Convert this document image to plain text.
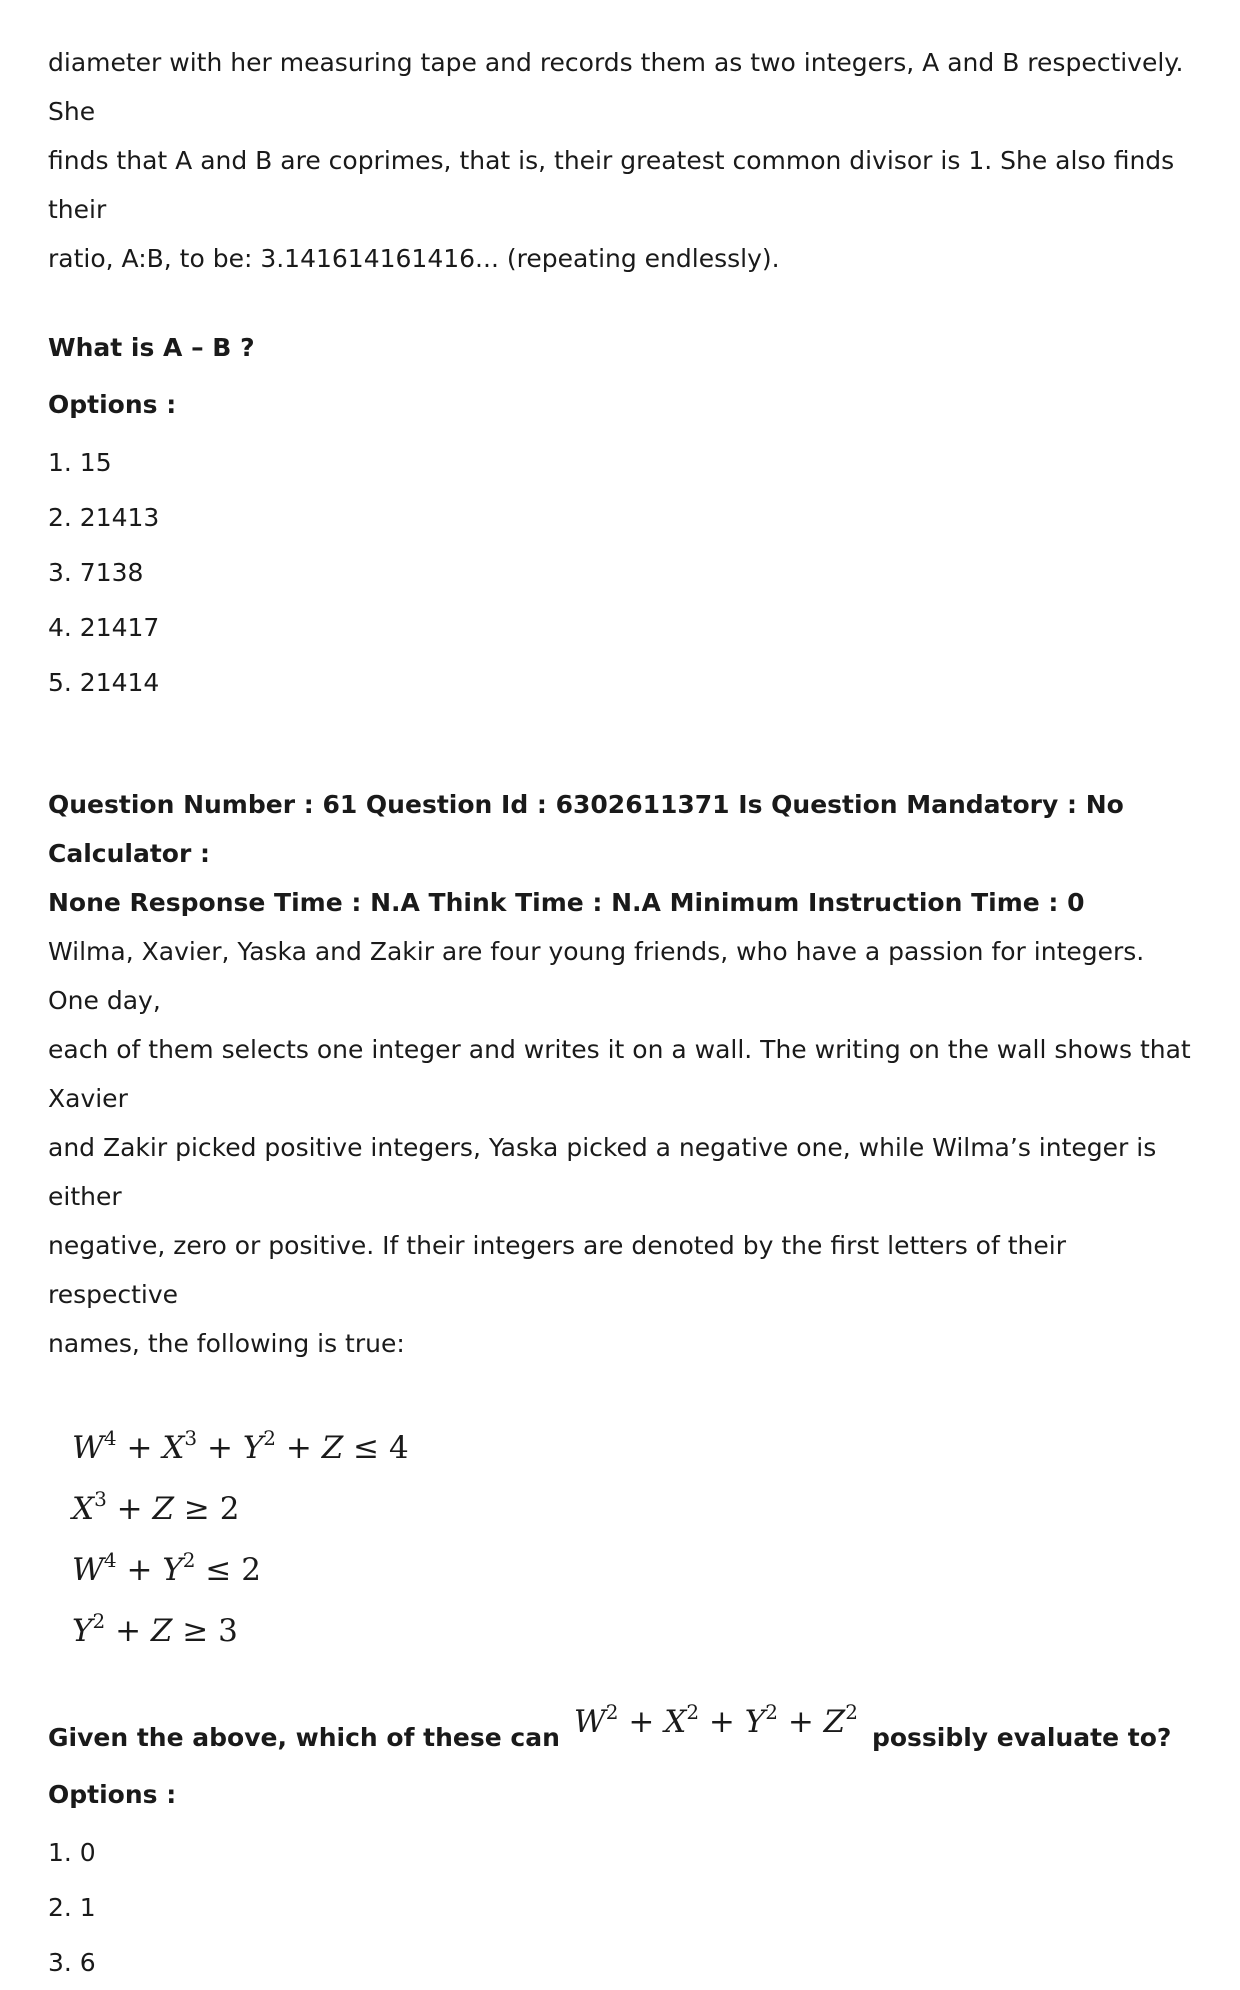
diameter with her measuring tape and records them as two integers, A and B respectively. She

finds that A and B are coprimes, that is, their greatest common divisor is 1. She also finds their

ratio, A:B, to be: 3.141614161416... (repeating endlessly).

What is A – B ?

Options :

1. 15

2. 21413

3. 7138

4. 21417

5. 21414

Question Number : 61 Question Id : 6302611371 Is Question Mandatory : No Calculator :

None Response Time : N.A Think Time : N.A Minimum Instruction Time : 0

Wilma, Xavier, Yaska and Zakir are four young friends, who have a passion for integers. One day,

each of them selects one integer and writes it on a wall. The writing on the wall shows that Xavier

and Zakir picked positive integers, Yaska picked a negative one, while Wilma’s integer is either

negative, zero or positive. If their integers are denoted by the first letters of their respective

names, the following is true:

$W^4 + X^3 + Y^2 + Z \le 4$

$X^3 + Z \ge 2$

$W^4 + Y^2 \le 2$

$Y^2 + Z \ge 3$

Given the above, which of these can $W^2 + X^2 + Y^2 + Z^2$
possibly evaluate to?

Options :

1. 0

2. 1

3. 6
